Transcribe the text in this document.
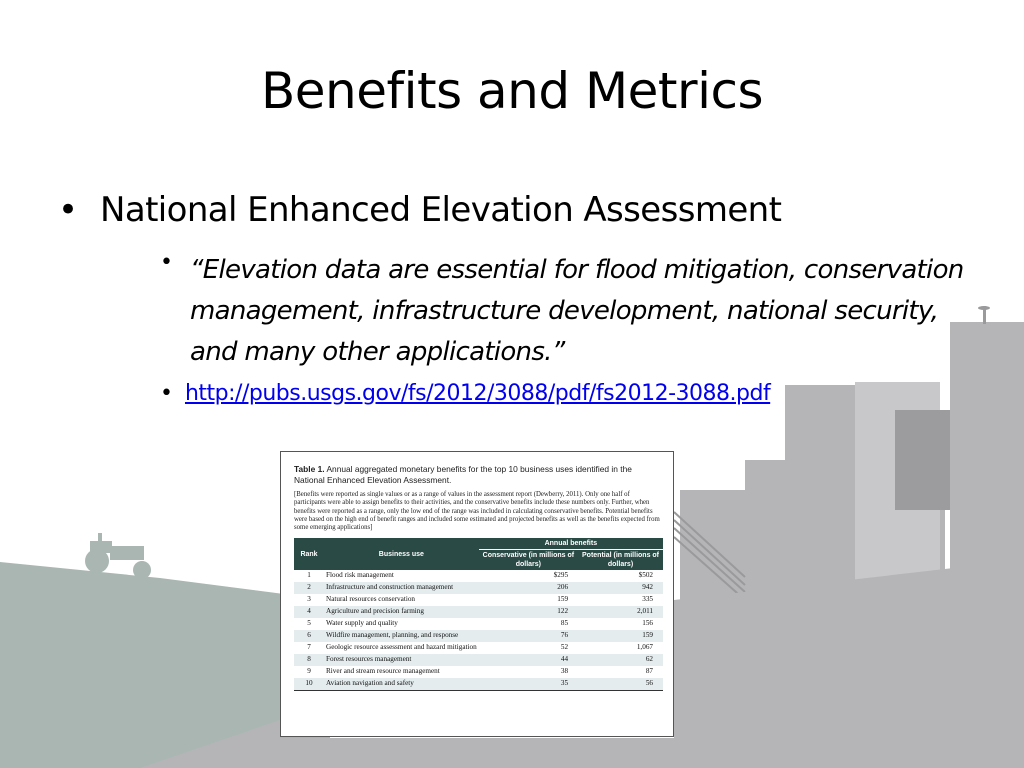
Benefits and Metrics
• National Enhanced Elevation Assessment
• “Elevation data are essential for flood mitigation, conservation management, infrastructure development, national security, and many other applications.”
• http://pubs.usgs.gov/fs/2012/3088/pdf/fs2012-3088.pdf
Table 1. Annual aggregated monetary benefits for the top 10 business uses identified in the National Enhanced Elevation Assessment.
[Benefits were reported as single values or as a range of values in the assessment report (Dewberry, 2011). Only one half of participants were able to assign benefits to their activities, and the conservative benefits include these numbers only. Further, when benefits were reported as a range, only the low end of the range was included in calculating conservative benefits. Potential benefits were based on the high end of benefit ranges and included some estimated and projected benefits as well as the benefits expected from some emerging applications]
Rank	Business use	Annual benefits	
		Conservative (in millions of dollars)	Potential (in millions of dollars)
1	Flood risk management	$295	$502
2	Infrastructure and construction management	206	942
3	Natural resources conservation	159	335
4	Agriculture and precision farming	122	2,011
5	Water supply and quality	85	156
6	Wildfire management, planning, and response	76	159
7	Geologic resource assessment and hazard mitigation	52	1,067
8	Forest resources management	44	62
9	River and stream resource management	38	87
10	Aviation navigation and safety	35	56
